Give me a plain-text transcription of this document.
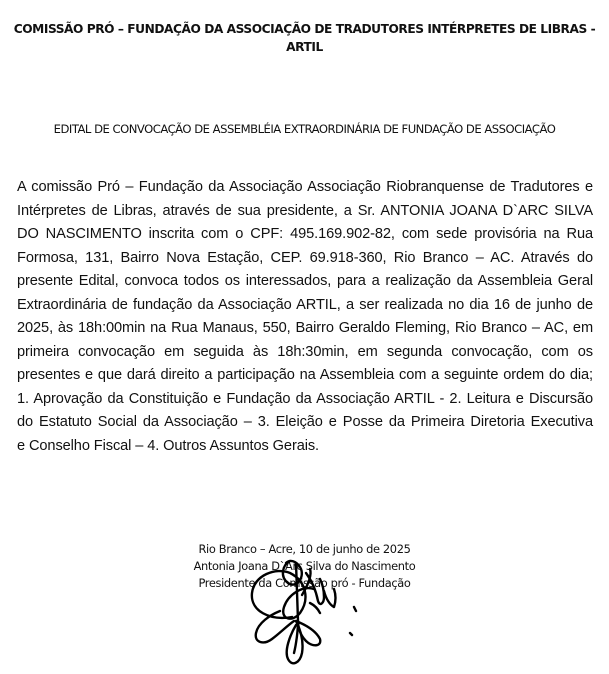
COMISSÃO PRÓ – FUNDAÇÃO DA ASSOCIAÇÃO DE TRADUTORES INTÉRPRETES DE LIBRAS -
ARTIL
EDITAL DE CONVOCAÇÃO DE ASSEMBLÉIA EXTRAORDINÁRIA DE FUNDAÇÃO DE ASSOCIAÇÃO
A comissão Pró – Fundação da Associação Associação Riobranquense de Tradutores e
Intérpretes de Libras, através de sua presidente, a Sr. ANTONIA JOANA D`ARC SILVA
DO NASCIMENTO inscrita com o CPF: 495.169.902-82, com sede provisória na Rua
Formosa, 131, Bairro Nova Estação, CEP. 69.918-360, Rio Branco – AC. Através do
presente Edital, convoca todos os interessados, para a realização da Assembleia Geral
Extraordinária de fundação da Associação ARTIL, a ser realizada no dia 16 de junho de
2025, às 18h:00min na Rua Manaus, 550, Bairro Geraldo Fleming, Rio Branco – AC, em
primeira convocação em seguida às 18h:30min, em segunda convocação, com os
presentes e que dará direito a participação na Assembleia com a seguinte ordem do dia;
1. Aprovação da Constituição e Fundação da Associação ARTIL - 2. Leitura e Discursão
do Estatuto Social da Associação – 3. Eleição e Posse da Primeira Diretoria Executiva
e Conselho Fiscal – 4. Outros Assuntos Gerais.
Rio Branco – Acre, 10 de junho de 2025
Antonia Joana D`Arc Silva do Nascimento
Presidente da Comissão pró - Fundação
